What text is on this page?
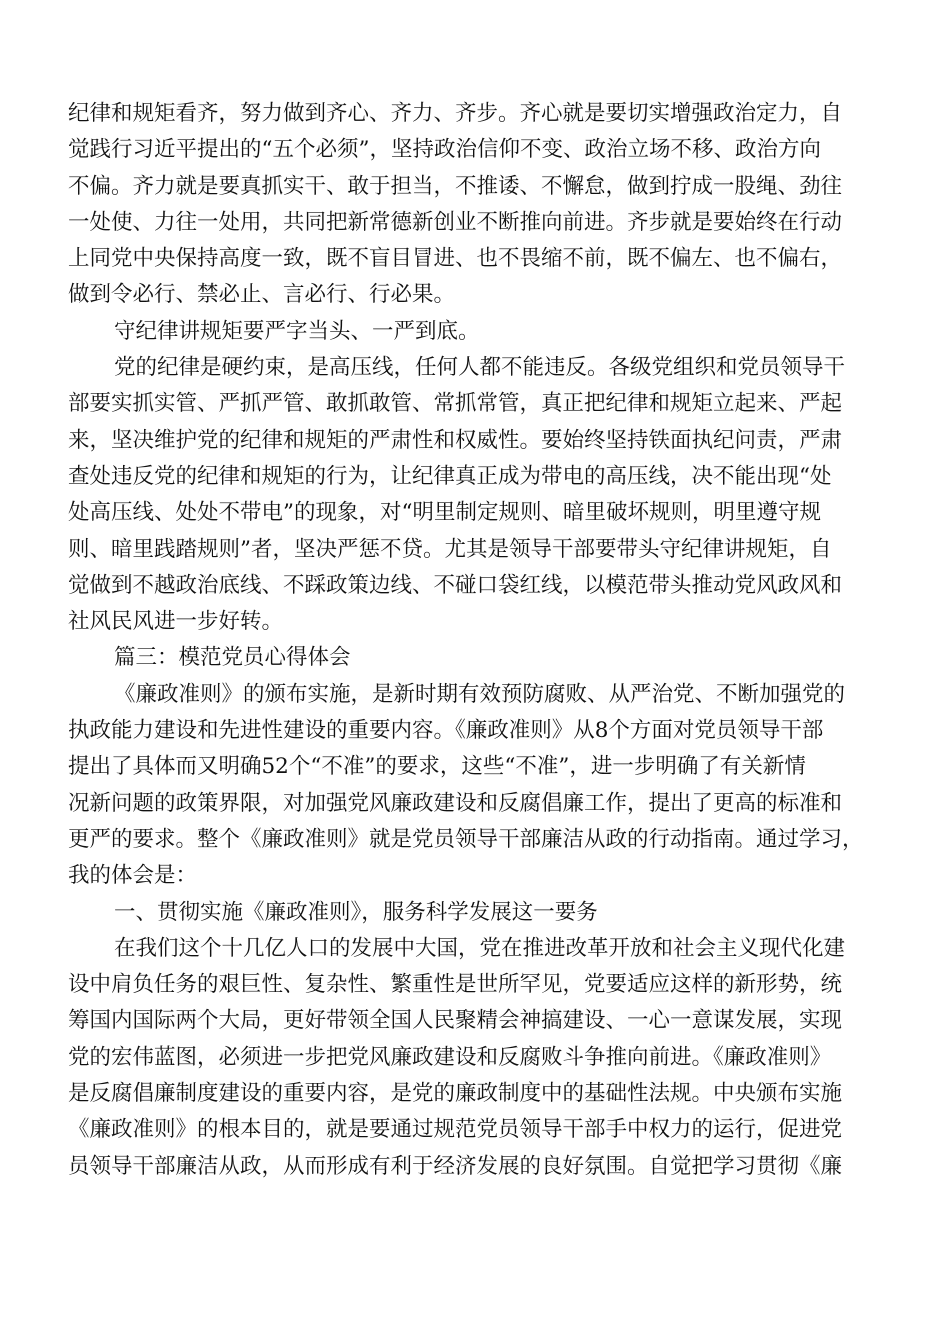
纪律和规矩看齐，努力做到齐心、齐力、齐步。齐心就是要切实增强政治定力，自
觉践行习近平提出的“五个必须”，坚持政治信仰不变、政治立场不移、政治方向
不偏。齐力就是要真抓实干、敢于担当，不推诿、不懈怠，做到拧成一股绳、劲往
一处使、力往一处用，共同把新常德新创业不断推向前进。齐步就是要始终在行动
上同党中央保持高度一致，既不盲目冒进、也不畏缩不前，既不偏左、也不偏右，
做到令必行、禁必止、言必行、行必果。
守纪律讲规矩要严字当头、一严到底。
党的纪律是硬约束，是高压线，任何人都不能违反。各级党组织和党员领导干
部要实抓实管、严抓严管、敢抓敢管、常抓常管，真正把纪律和规矩立起来、严起
来，坚决维护党的纪律和规矩的严肃性和权威性。要始终坚持铁面执纪问责，严肃
查处违反党的纪律和规矩的行为，让纪律真正成为带电的高压线，决不能出现“处
处高压线、处处不带电”的现象，对“明里制定规则、暗里破坏规则，明里遵守规
则、暗里践踏规则”者，坚决严惩不贷。尤其是领导干部要带头守纪律讲规矩，自
觉做到不越政治底线、不踩政策边线、不碰口袋红线，以模范带头推动党风政风和
社风民风进一步好转。
篇三：模范党员心得体会
《廉政准则》的颁布实施，是新时期有效预防腐败、从严治党、不断加强党的
执政能力建设和先进性建设的重要内容。《廉政准则》从8个方面对党员领导干部
提出了具体而又明确52个“不准”的要求，这些“不准”，进一步明确了有关新情
况新问题的政策界限，对加强党风廉政建设和反腐倡廉工作，提出了更高的标准和
更严的要求。整个《廉政准则》就是党员领导干部廉洁从政的行动指南。通过学习，
我的体会是：
一、贯彻实施《廉政准则》，服务科学发展这一要务
在我们这个十几亿人口的发展中大国，党在推进改革开放和社会主义现代化建
设中肩负任务的艰巨性、复杂性、繁重性是世所罕见，党要适应这样的新形势，统
筹国内国际两个大局，更好带领全国人民聚精会神搞建设、一心一意谋发展，实现
党的宏伟蓝图，必须进一步把党风廉政建设和反腐败斗争推向前进。《廉政准则》
是反腐倡廉制度建设的重要内容，是党的廉政制度中的基础性法规。中央颁布实施
《廉政准则》的根本目的，就是要通过规范党员领导干部手中权力的运行，促进党
员领导干部廉洁从政，从而形成有利于经济发展的良好氛围。自觉把学习贯彻《廉
